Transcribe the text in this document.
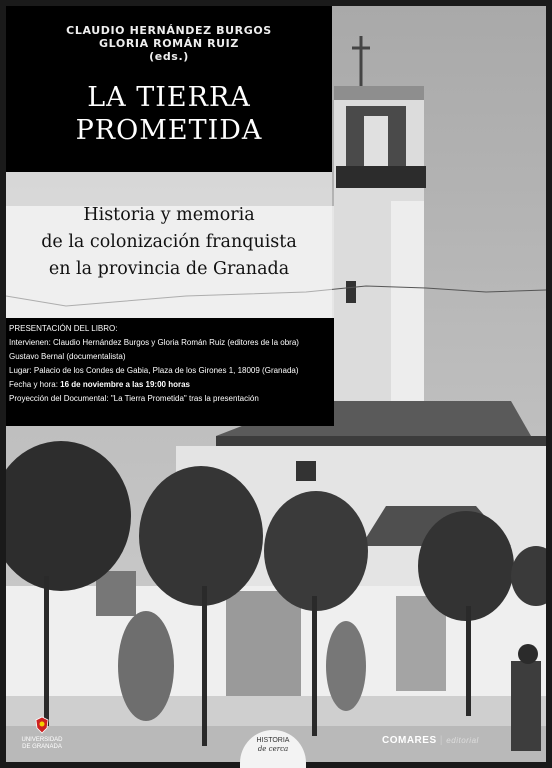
CLAUDIO HERNÁNDEZ BURGOS
GLORIA ROMÁN RUIZ
(eds.)
LA TIERRA
PROMETIDA
Historia y memoria
de la colonización franquista
en la provincia de Granada
PRESENTACIÓN DEL LIBRO:
Intervienen: Claudio Hernández Burgos y Gloria Román Ruiz (editores de la obra)
Gustavo Bernal (documentalista)
Lugar: Palacio de los Condes de Gabia, Plaza de los Girones 1, 18009 (Granada)
Fecha y hora: 16 de noviembre a las 19:00 horas
Proyección del Documental: "La Tierra Prometida" tras la presentación
UNIVERSIDAD
DE GRANADA
HISTORIA
de cerca
COMARES | editorial
